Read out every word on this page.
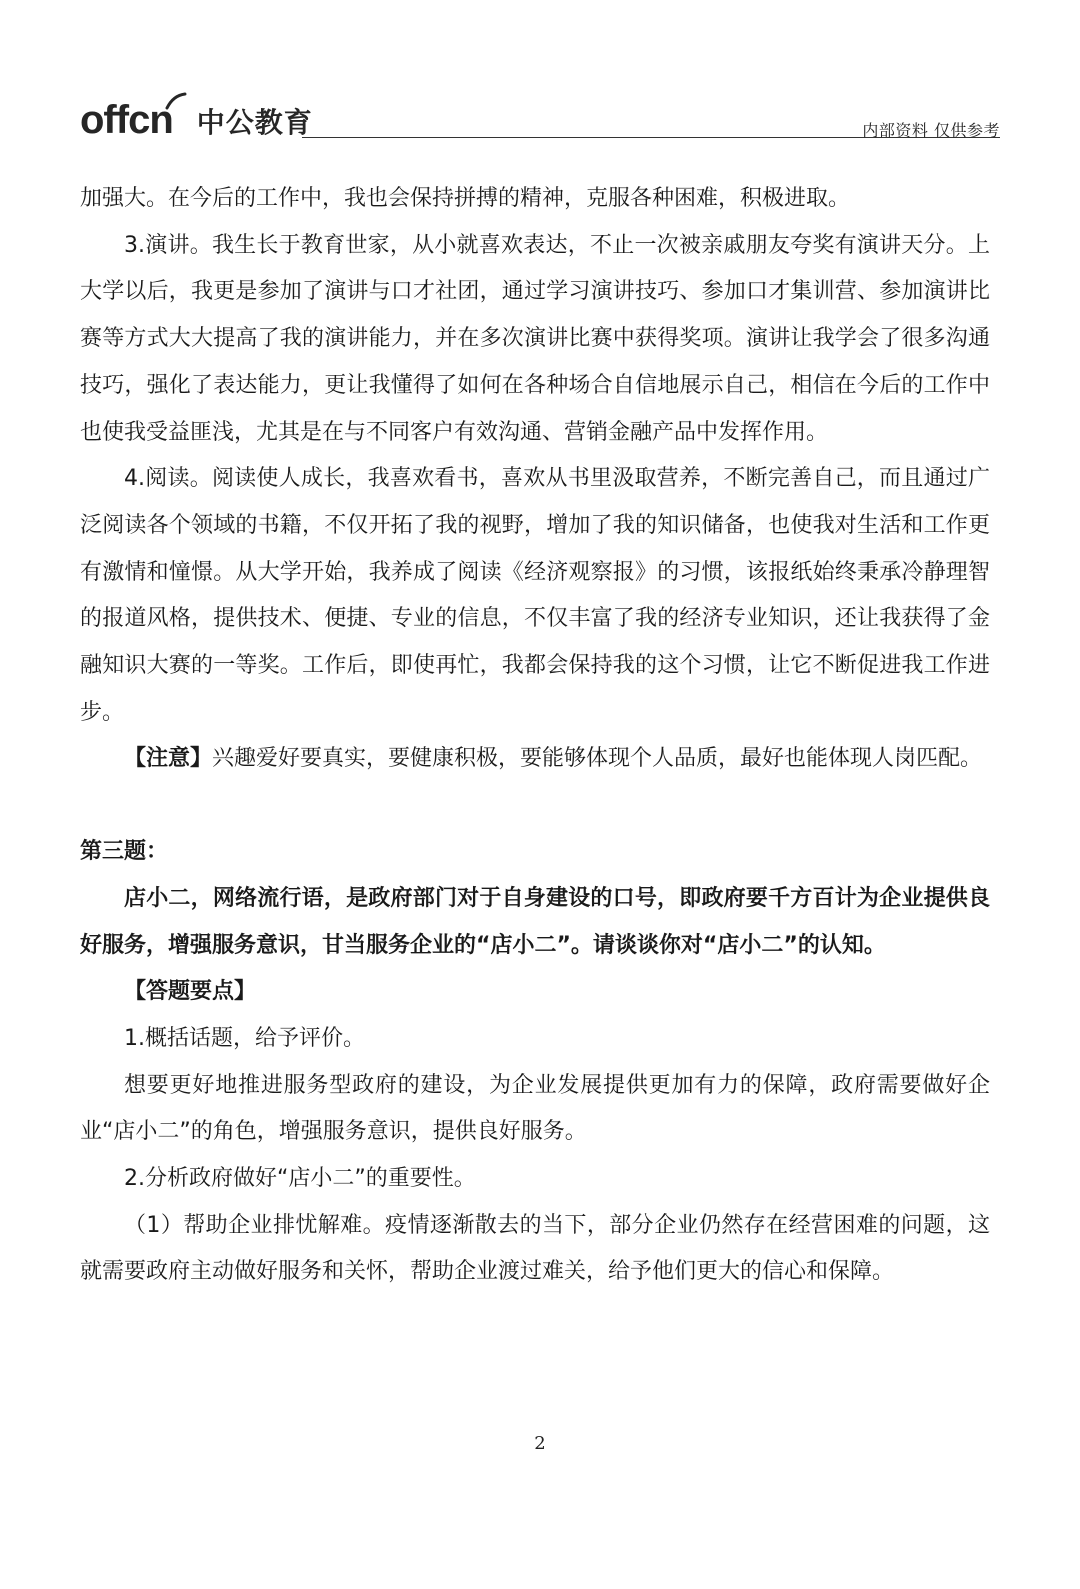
offcn 中公教育	内部资料 仅供参考

加强大。在今后的工作中，我也会保持拼搏的精神，克服各种困难，积极进取。

3.演讲。我生长于教育世家，从小就喜欢表达，不止一次被亲戚朋友夸奖有演讲天分。上大学以后，我更是参加了演讲与口才社团，通过学习演讲技巧、参加口才集训营、参加演讲比赛等方式大大提高了我的演讲能力，并在多次演讲比赛中获得奖项。演讲让我学会了很多沟通技巧，强化了表达能力，更让我懂得了如何在各种场合自信地展示自己，相信在今后的工作中也使我受益匪浅，尤其是在与不同客户有效沟通、营销金融产品中发挥作用。

4.阅读。阅读使人成长，我喜欢看书，喜欢从书里汲取营养，不断完善自己，而且通过广泛阅读各个领域的书籍，不仅开拓了我的视野，增加了我的知识储备，也使我对生活和工作更有激情和憧憬。从大学开始，我养成了阅读《经济观察报》的习惯，该报纸始终秉承冷静理智的报道风格，提供技术、便捷、专业的信息，不仅丰富了我的经济专业知识，还让我获得了金融知识大赛的一等奖。工作后，即使再忙，我都会保持我的这个习惯，让它不断促进我工作进步。

【注意】兴趣爱好要真实，要健康积极，要能够体现个人品质，最好也能体现人岗匹配。

第三题：

店小二，网络流行语，是政府部门对于自身建设的口号，即政府要千方百计为企业提供良好服务，增强服务意识，甘当服务企业的“店小二”。请谈谈你对“店小二”的认知。

【答题要点】

1.概括话题，给予评价。

想要更好地推进服务型政府的建设，为企业发展提供更加有力的保障，政府需要做好企业“店小二”的角色，增强服务意识，提供良好服务。

2.分析政府做好“店小二”的重要性。

（1）帮助企业排忧解难。疫情逐渐散去的当下，部分企业仍然存在经营困难的问题，这就需要政府主动做好服务和关怀，帮助企业渡过难关，给予他们更大的信心和保障。

2
